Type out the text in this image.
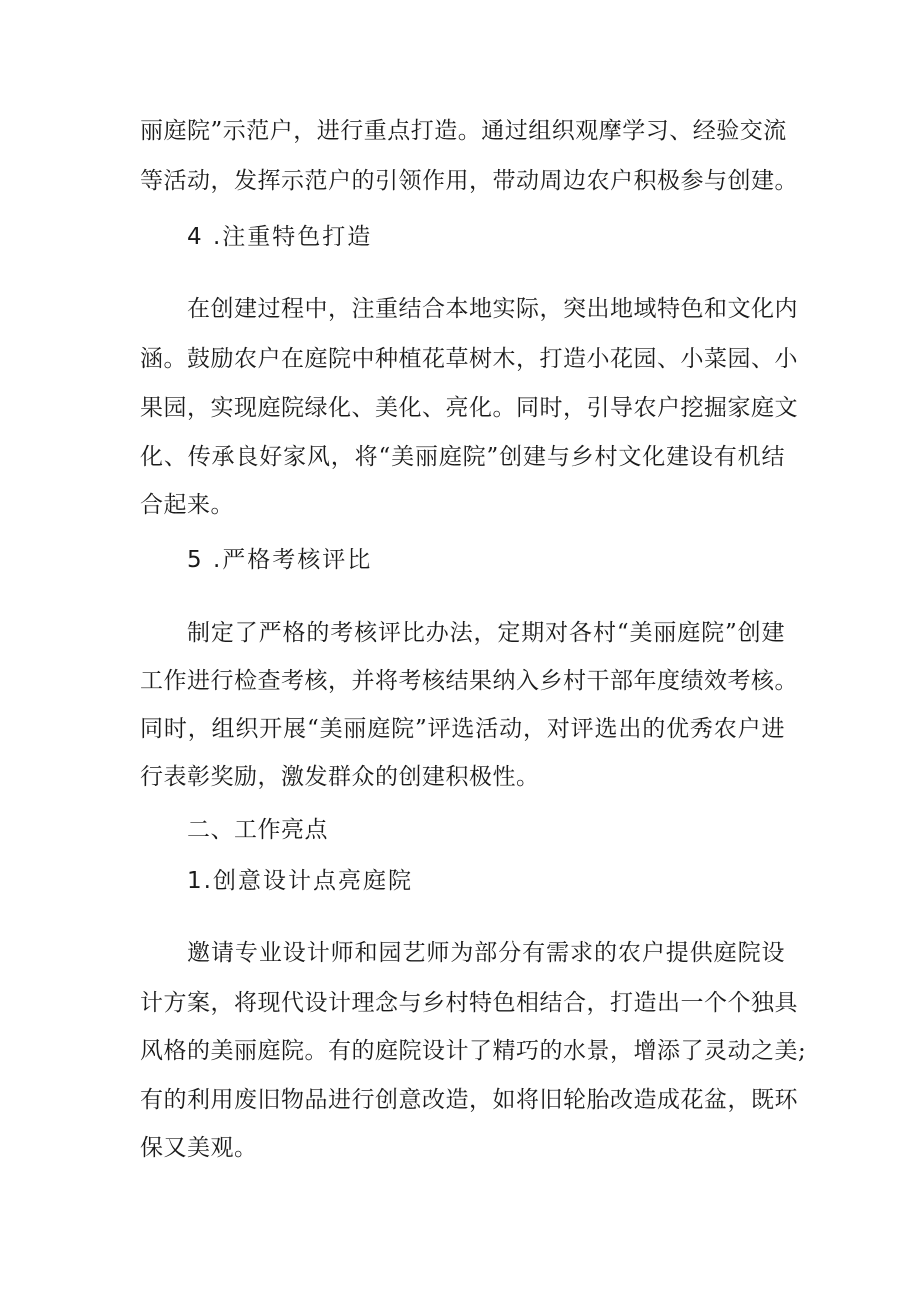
丽庭院”示范户，进行重点打造。通过组织观摩学习、经验交流
等活动，发挥示范户的引领作用，带动周边农户积极参与创建。
4 .注重特色打造
在创建过程中，注重结合本地实际，突出地域特色和文化内
涵。鼓励农户在庭院中种植花草树木，打造小花园、小菜园、小
果园，实现庭院绿化、美化、亮化。同时，引导农户挖掘家庭文
化、传承良好家风，将“美丽庭院”创建与乡村文化建设有机结
合起来。
5 .严格考核评比
制定了严格的考核评比办法，定期对各村“美丽庭院”创建
工作进行检查考核，并将考核结果纳入乡村干部年度绩效考核。
同时，组织开展“美丽庭院”评选活动，对评选出的优秀农户进
行表彰奖励，激发群众的创建积极性。
二、工作亮点
1.创意设计点亮庭院
邀请专业设计师和园艺师为部分有需求的农户提供庭院设
计方案，将现代设计理念与乡村特色相结合，打造出一个个独具
风格的美丽庭院。有的庭院设计了精巧的水景，增添了灵动之美;
有的利用废旧物品进行创意改造，如将旧轮胎改造成花盆，既环
保又美观。
